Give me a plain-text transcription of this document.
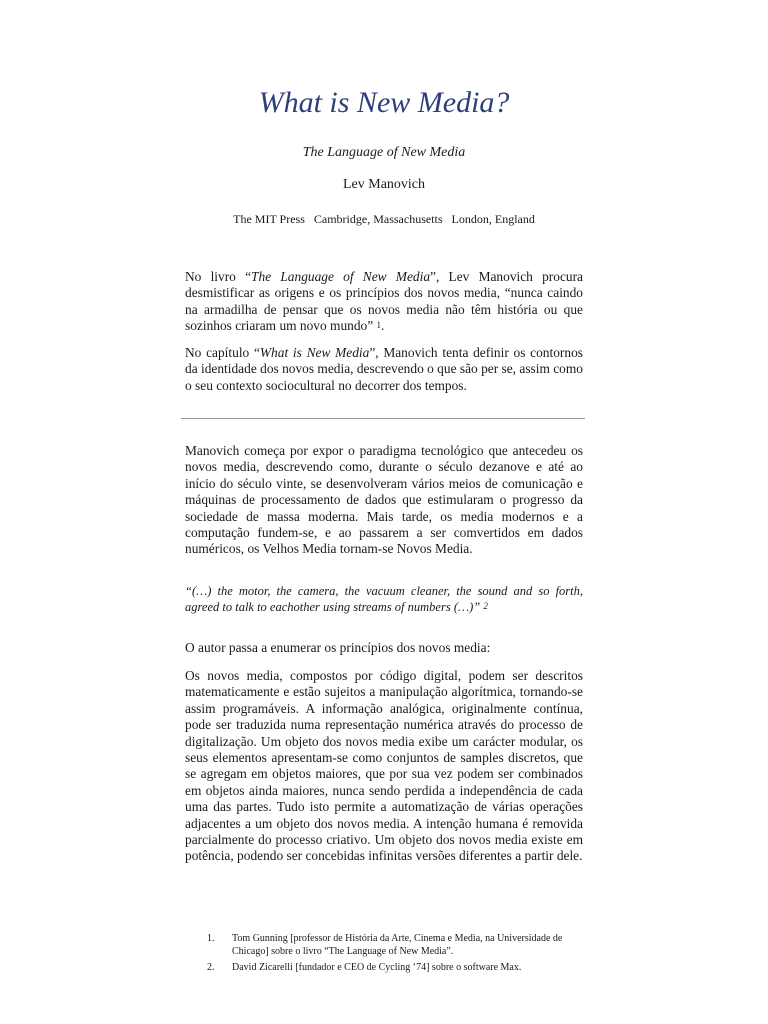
What is New Media?
The Language of New Media
Lev Manovich
The MIT Press   Cambridge, Massachusetts   London, England

No livro “The Language of New Media”, Lev Manovich procura desmistificar as origens e os princípios dos novos media, “nunca caindo na armadilha de pensar que os novos media não têm história ou que sozinhos criaram um novo mundo” $^1$.

No capítulo “What is New Media”, Manovich tenta definir os contornos da identidade dos novos media, descrevendo o que são per se, assim como o seu contexto sociocultural no decorrer dos tempos.

Manovich começa por expor o paradigma tecnológico que antecedeu os novos media, descrevendo como, durante o século dezanove e até ao início do século vinte, se desenvolveram vários meios de comunicação e máquinas de processamento de dados que estimularam o progresso da sociedade de massa moderna. Mais tarde, os media modernos e a computação fundem-se, e ao passarem a ser comvertidos em dados numéricos, os Velhos Media tornam-se Novos Media.

“(…) the motor, the camera, the vacuum cleaner, the sound and so forth, agreed to talk to eachother using streams of numbers (…)” $^2$

O autor passa a enumerar os princípios dos novos media:

Os novos media, compostos por código digital, podem ser descritos matematicamente e estão sujeitos a manipulação algorítmica, tornando-se assim programáveis. A informação analógica, originalmente contínua, pode ser traduzida numa representação numérica através do processo de digitalização. Um objeto dos novos media exibe um carácter modular, os seus elementos apresentam-se como conjuntos de samples discretos, que se agregam em objetos maiores, que por sua vez podem ser combinados em objetos ainda maiores, nunca sendo perdida a independência de cada uma das partes. Tudo isto permite a automatização de várias operações adjacentes a um objeto dos novos media. A intenção humana é removida parcialmente do processo criativo. Um objeto dos novos media existe em potência, podendo ser concebidas infinitas versões diferentes a partir dele.

1. Tom Gunning [professor de História da Arte, Cinema e Media, na Universidade de Chicago] sobre o livro “The Language of New Media”.
2. David Zicarelli [fundador e CEO de Cycling ‘74] sobre o software Max.
